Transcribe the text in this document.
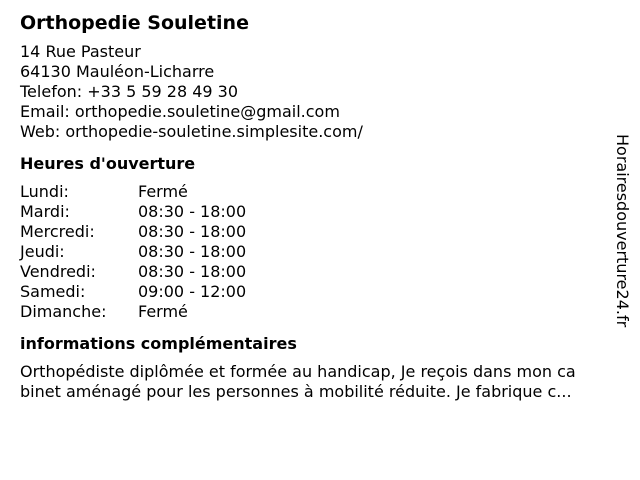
Orthopedie Souletine
14 Rue Pasteur
64130 Mauléon-Licharre
Telefon: +33 5 59 28 49 30
Email: orthopedie.souletine@gmail.com
Web: orthopedie-souletine.simplesite.com/
Heures d'ouverture
Lundi:	Fermé
Mardi:	08:30 - 18:00
Mercredi:	08:30 - 18:00
Jeudi:	08:30 - 18:00
Vendredi:	08:30 - 18:00
Samedi:	09:00 - 12:00
Dimanche:	Fermé
informations complémentaires
Orthopédiste diplômée et formée au handicap, Je reçois dans mon ca
binet aménagé pour les personnes à mobilité réduite. Je fabrique c...
Horairesdouverture24.fr
